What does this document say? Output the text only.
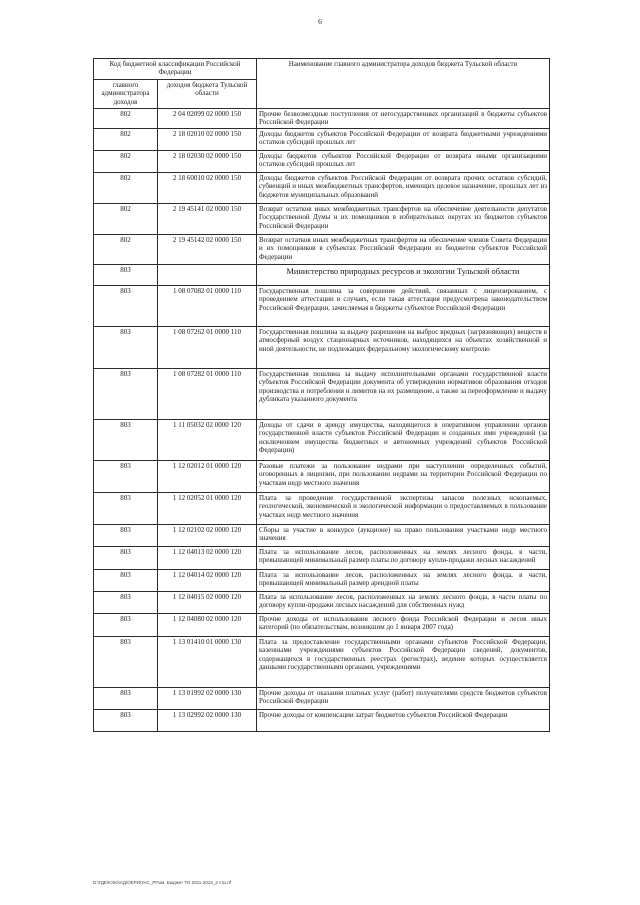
6
Код бюджетной классификации Российской Федерации		Наименование главного администратора доходов бюджета Тульской области
главного администратора доходов	доходов бюджета Тульской области	
802	2 04 02099 02 0000 150	Прочие безвозмездные поступления от негосударственных организаций в бюджеты субъектов Российской Федерации
802	2 18 02010 02 0000 150	Доходы бюджетов субъектов Российской Федерации от возврата бюджетными учреждениями остатков субсидий прошлых лет
802	2 18 02030 02 0000 150	Доходы бюджетов субъектов Российской Федерации от возврата иными организациями остатков субсидий прошлых лет
802	2 18 60010 02 0000 150	Доходы бюджетов субъектов Российской Федерации от возврата прочих остатков субсидий, субвенций и иных межбюджетных трансфертов, имеющих целевое назначение, прошлых лет из бюджетов муниципальных образований
802	2 19 45141 02 0000 150	Возврат остатков иных межбюджетных трансфертов на обеспечение деятельности депутатов Государственной Думы и их помощников в избирательных округах из бюджетов субъектов Российской Федерации
802	2 19 45142 02 0000 150	Возврат остатков иных межбюджетных трансфертов на обеспечение членов Совета Федерации и их помощников в субъектах Российской Федерации из бюджетов субъектов Российской Федерации
803		Министерство природных ресурсов и экологии Тульской области
803	1 08 07082 01 0000 110	Государственная пошлина за совершение действий, связанных с лицензированием, с проведением аттестации в случаях, если такая аттестация предусмотрена законодательством Российской Федерации, зачисляемая в бюджеты субъектов Российской Федерации
803	1 08 07262 01 0000 110	Государственная пошлина за выдачу разрешения на выброс вредных (загрязняющих) веществ в атмосферный воздух стационарных источников, находящихся на объектах хозяйственной и иной деятельности, не подлежащих федеральному экологическому контролю
803	1 08 07282 01 0000 110	Государственная пошлина за выдачу исполнительными органами государственной власти субъектов Российской Федерации документа об утверждении нормативов образования отходов производства и потребления и лимитов на их размещение, а также за переоформление и выдачу дубликата указанного документа
803	1 11 05032 02 0000 120	Доходы от сдачи в аренду имущества, находящегося в оперативном управлении органов государственной власти субъектов Российской Федерации и созданных ими учреждений (за исключением имущества бюджетных и автономных учреждений субъектов Российской Федерации)
803	1 12 02012 01 0000 120	Разовые платежи за пользование недрами при наступлении определенных событий, оговоренных в лицензии, при пользовании недрами на территории Российской Федерации по участкам недр местного значения
803	1 12 02052 01 0000 120	Плата за проведение государственной экспертизы запасов полезных ископаемых, геологической, экономической и экологической информации о предоставляемых в пользование участках недр местного значения
803	1 12 02102 02 0000 120	Сборы за участие в конкурсе (аукционе) на право пользования участками недр местного значения
803	1 12 04013 02 0000 120	Плата за использование лесов, расположенных на землях лесного фонда, в части, превышающей минимальный размер платы по договору купли-продажи лесных насаждений
803	1 12 04014 02 0000 120	Плата за использование лесов, расположенных на землях лесного фонда, в части, превышающей минимальный размер арендной платы
803	1 12 04015 02 0000 120	Плата за использование лесов, расположенных на землях лесного фонда, в части платы по договору купли-продажи лесных насаждений для собственных нужд
803	1 12 04080 02 0000 120	Прочие доходы от использования лесного фонда Российской Федерации и лесов иных категорий (по обязательствам, возникшим до 1 января 2007 года)
803	1 13 01410 01 0000 130	Плата за предоставление государственными органами субъектов Российской Федерации, казенными учреждениями субъектов Российской Федерации сведений, документов, содержащихся в государственных реестрах (регистрах), ведение которых осуществляется данными государственными органами, учреждениями
803	1 13 01992 02 0000 130	Прочие доходы от оказания платных услуг (работ) получателями средств бюджетов субъектов Российской Федерации
803	1 13 02992 02 0000 130	Прочие доходы от компенсации затрат бюджетов субъектов Российской Федерации
D:\ГДЕ\Ю\Ю\АД\ОЕРИ\УАС_РПом. Бюджет ТО 2011-2013_2 стр.rtf
